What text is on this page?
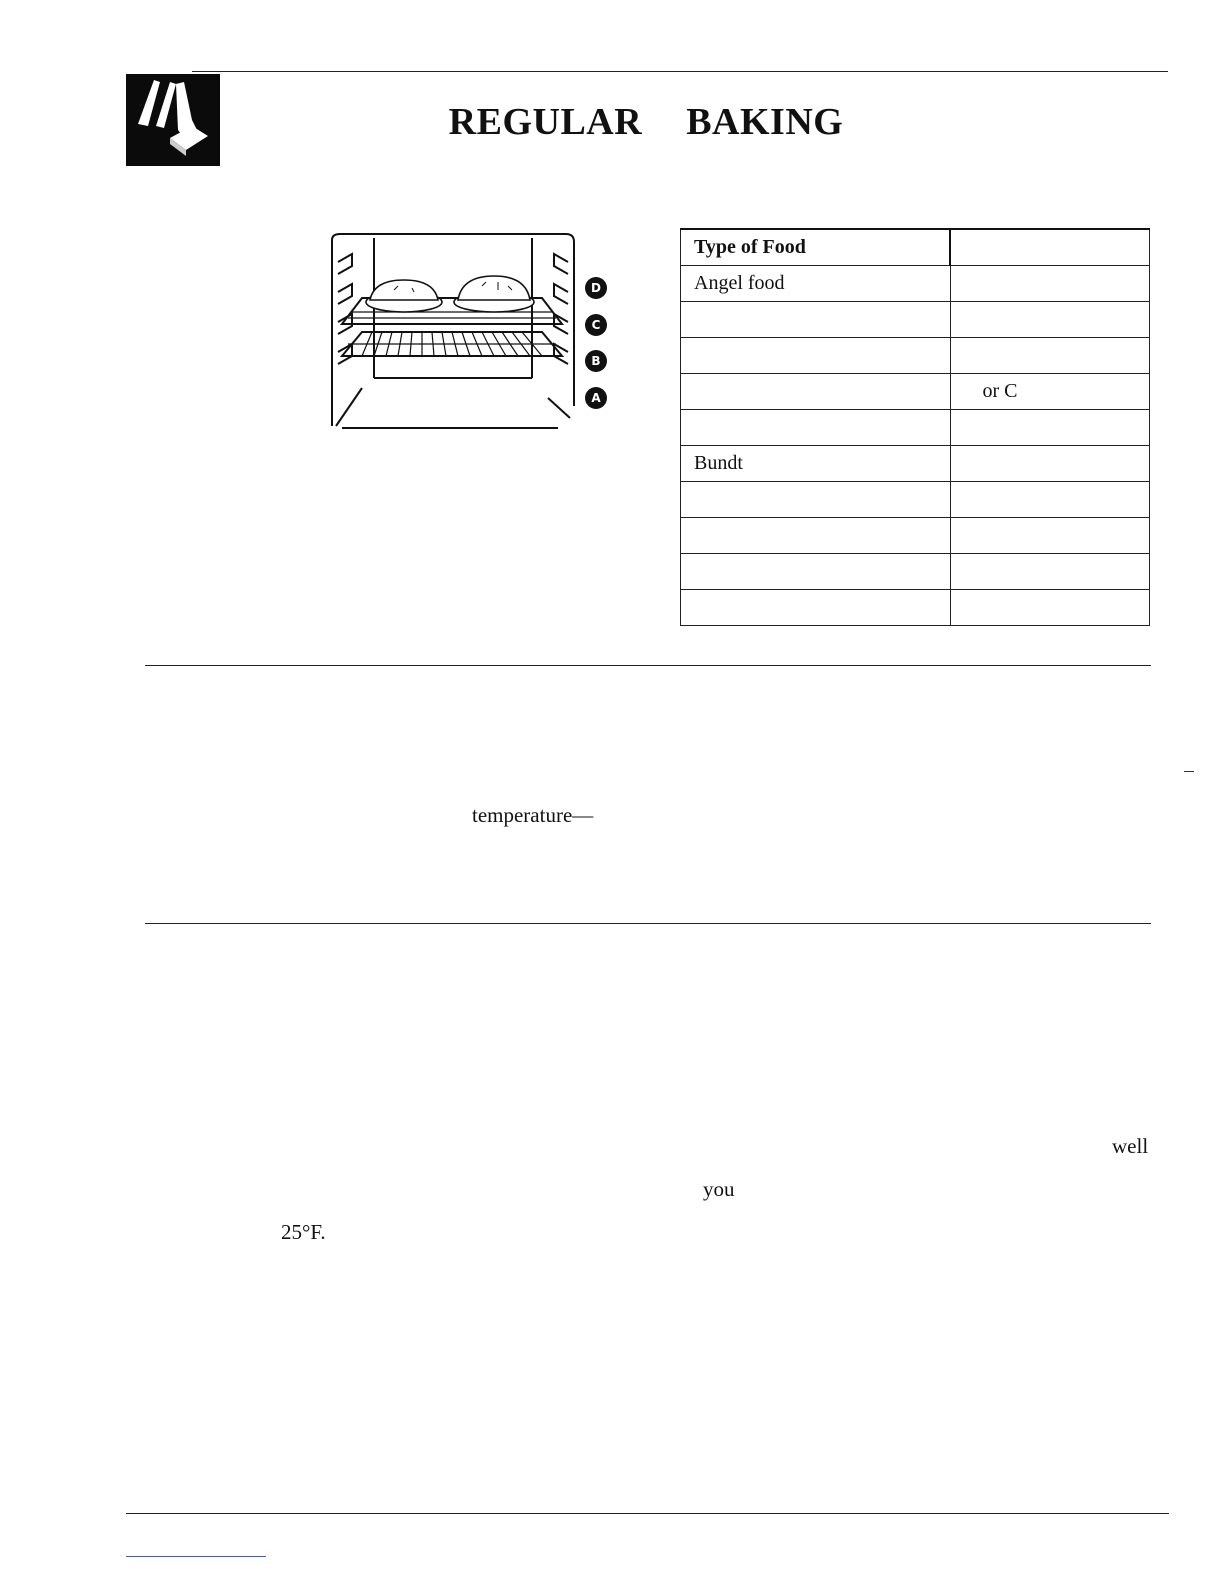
REGULAR BAKING
D
C
B
A
Type of Food	
Angel food	

	or C

Bundt	

temperature—
well
you
25°F.
